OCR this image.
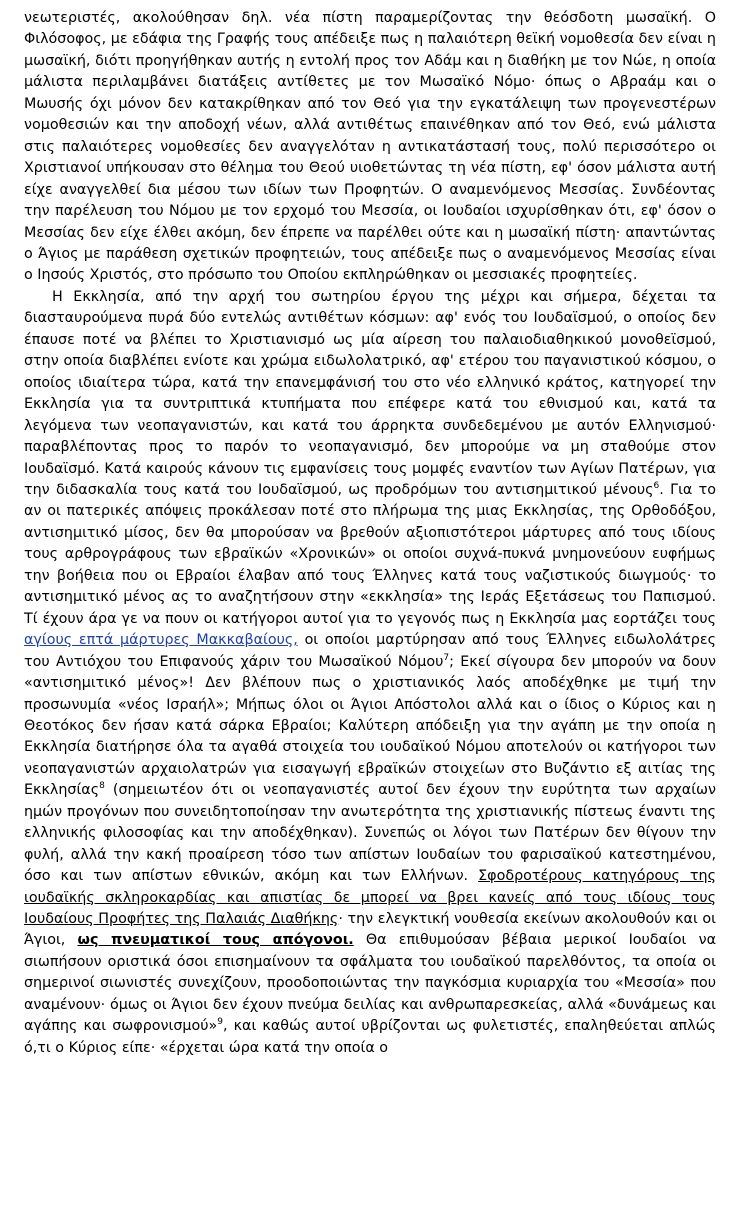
νεωτεριστές, ακολούθησαν δηλ. νέα πίστη παραμερίζοντας την θεόσδοτη μωσαϊκή. Ο Φιλόσοφος, με εδάφια της Γραφής τους απέδειξε πως η παλαιότερη θεϊκή νομοθεσία δεν είναι η μωσαϊκή, διότι προηγήθηκαν αυτής η εντολή προς τον Αδάμ και η διαθήκη με τον Νώε, η οποία μάλιστα περιλαμβάνει διατάξεις αντίθετες με τον Μωσαϊκό Νόμο· όπως ο Αβραάμ και ο Μωυσής όχι μόνον δεν κατακρίθηκαν από τον Θεό για την εγκατάλειψη των προγενεστέρων νομοθεσιών και την αποδοχή νέων, αλλά αντιθέτως επαινέθηκαν από τον Θεό, ενώ μάλιστα στις παλαιότερες νομοθεσίες δεν αναγγελόταν η αντικατάστασή τους, πολύ περισσότερο οι Χριστιανοί υπήκουσαν στο θέλημα του Θεού υιοθετώντας τη νέα πίστη, εφ' όσον μάλιστα αυτή είχε αναγγελθεί δια μέσου των ιδίων των Προφητών. Ο αναμενόμενος Μεσσίας. Συνδέοντας την παρέλευση του Νόμου με τον ερχομό του Μεσσία, οι Ιουδαίοι ισχυρίσθηκαν ότι, εφ' όσον ο Μεσσίας δεν είχε έλθει ακόμη, δεν έπρεπε να παρέλθει ούτε και η μωσαϊκή πίστη· απαντώντας ο Άγιος με παράθεση σχετικών προφητειών, τους απέδειξε πως ο αναμενόμενος Μεσσίας είναι ο Ιησούς Χριστός, στο πρόσωπο του Οποίου εκπληρώθηκαν οι μεσσιακές προφητείες.

Η Εκκλησία, από την αρχή του σωτηρίου έργου της μέχρι και σήμερα, δέχεται τα διασταυρούμενα πυρά δύο εντελώς αντιθέτων κόσμων: αφ' ενός του Ιουδαϊσμού, ο οποίος δεν έπαυσε ποτέ να βλέπει το Χριστιανισμό ως μία αίρεση του παλαιοδιαθηκικού μονοθεϊσμού, στην οποία διαβλέπει ενίοτε και χρώμα ειδωλολατρικό, αφ' ετέρου του παγανιστικού κόσμου, ο οποίος ιδιαίτερα τώρα, κατά την επανεμφάνισή του στο νέο ελληνικό κράτος, κατηγορεί την Εκκλησία για τα συντριπτικά κτυπήματα που επέφερε κατά του εθνισμού και, κατά τα λεγόμενα των νεοπαγανιστών, και κατά του άρρηκτα συνδεδεμένου με αυτόν Ελληνισμού· παραβλέποντας προς το παρόν το νεοπαγανισμό, δεν μπορούμε να μη σταθούμε στον Ιουδαϊσμό. Κατά καιρούς κάνουν τις εμφανίσεις τους μομφές εναντίον των Αγίων Πατέρων, για την διδασκαλία τους κατά του Ιουδαϊσμού, ως προδρόμων του αντισημιτικού μένους$^6$. Για το αν οι πατερικές απόψεις προκάλεσαν ποτέ στο πλήρωμα της μιας Εκκλησίας, της Ορθοδόξου, αντισημιτικό μίσος, δεν θα μπορούσαν να βρεθούν αξιοπιστότεροι μάρτυρες από τους ιδίους τους αρθρογράφους των εβραϊκών «Χρονικών» οι οποίοι συχνά-πυκνά μνημονεύουν ευφήμως την βοήθεια που οι Εβραίοι έλαβαν από τους Έλληνες κατά τους ναζιστικούς διωγμούς· το αντισημιτικό μένος ας το αναζητήσουν στην «εκκλησία» της Ιεράς Εξετάσεως του Παπισμού. Τί έχουν άρα γε να πουν οι κατήγοροι αυτοί για το γεγονός πως η Εκκλησία μας εορτάζει τους αγίους επτά μάρτυρες Μακκαβαίους, οι οποίοι μαρτύρησαν από τους Έλληνες ειδωλολάτρες του Αντιόχου του Επιφανούς χάριν του Μωσαϊκού Νόμου$^7$; Εκεί σίγουρα δεν μπορούν να δουν «αντισημιτικό μένος»! Δεν βλέπουν πως ο χριστιανικός λαός αποδέχθηκε με τιμή την προσωνυμία «νέος Ισραήλ»; Μήπως όλοι οι Άγιοι Απόστολοι αλλά και ο ίδιος ο Κύριος και η Θεοτόκος δεν ήσαν κατά σάρκα Εβραίοι; Καλύτερη απόδειξη για την αγάπη με την οποία η Εκκλησία διατήρησε όλα τα αγαθά στοιχεία του ιουδαϊκού Νόμου αποτελούν οι κατήγοροι των νεοπαγανιστών αρχαιολατρών για εισαγωγή εβραϊκών στοιχείων στο Βυζάντιο εξ αιτίας της Εκκλησίας$^8$ (σημειωτέον ότι οι νεοπαγανιστές αυτοί δεν έχουν την ευρύτητα των αρχαίων ημών προγόνων που συνειδητοποίησαν την ανωτερότητα της χριστιανικής πίστεως έναντι της ελληνικής φιλοσοφίας και την αποδέχθηκαν). Συνεπώς οι λόγοι των Πατέρων δεν θίγουν την φυλή, αλλά την κακή προαίρεση τόσο των απίστων Ιουδαίων του φαρισαϊκού κατεστημένου, όσο και των απίστων εθνικών, ακόμη και των Ελλήνων. Σφοδροτέρους κατηγόρους της ιουδαϊκής σκληροκαρδίας και απιστίας δε μπορεί να βρει κανείς από τους ιδίους τους Ιουδαίους Προφήτες της Παλαιάς Διαθήκης· την ελεγκτική νουθεσία εκείνων ακολουθούν και οι Άγιοι, ως πνευματικοί τους απόγονοι. Θα επιθυμούσαν βέβαια μερικοί Ιουδαίοι να σιωπήσουν οριστικά όσοι επισημαίνουν τα σφάλματα του ιουδαϊκού παρελθόντος, τα οποία οι σημερινοί σιωνιστές συνεχίζουν, προοδοποιώντας την παγκόσμια κυριαρχία του «Μεσσία» που αναμένουν· όμως οι Άγιοι δεν έχουν πνεύμα δειλίας και ανθρωπαρεσκείας, αλλά «δυνάμεως και αγάπης και σωφρονισμού»$^9$, και καθώς αυτοί υβρίζονται ως φυλετιστές, επαληθεύεται απλώς ό,τι ο Κύριος είπε· «έρχεται ώρα κατά την οποία ο
